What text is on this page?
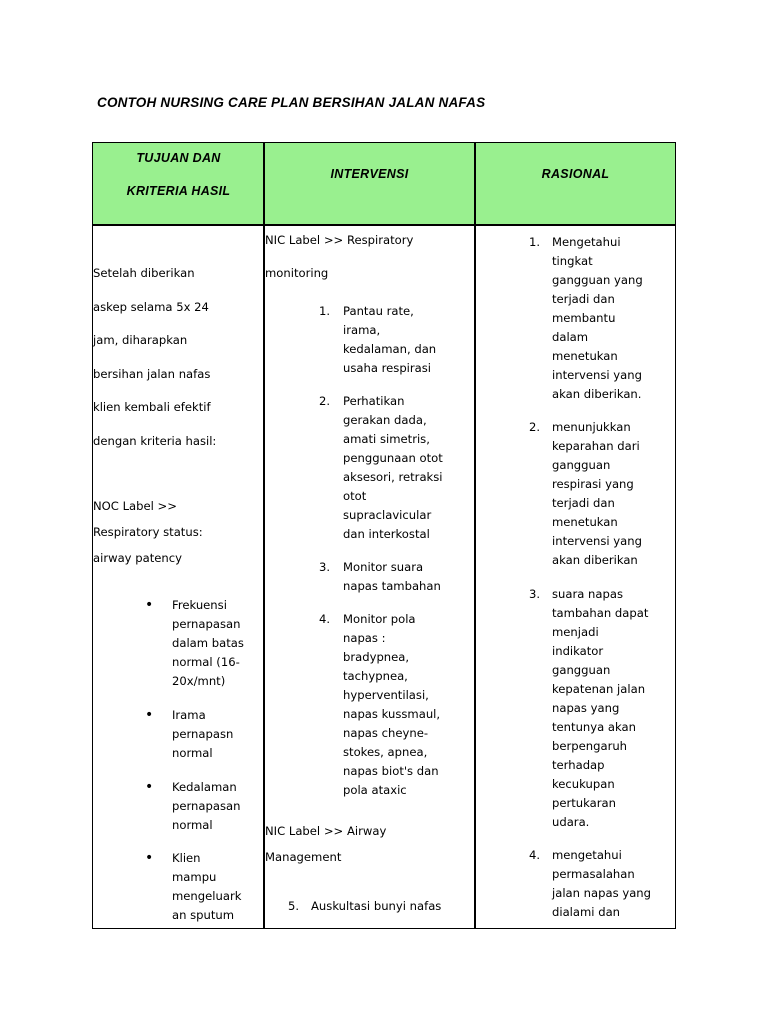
CONTOH NURSING CARE PLAN BERSIHAN JALAN NAFAS
TUJUAN DAN
KRITERIA HASIL
INTERVENSI	RASIONAL
Setelah diberikan
askep selama 5x 24
jam, diharapkan
bersihan jalan nafas
klien kembali efektif
dengan kriteria hasil:
NOC Label >>
Respiratory status:
airway patency
• Frekuensi
pernapasan
dalam batas
normal (16-
20x/mnt)
• Irama
pernapasn
normal
• Kedalaman
pernapasan
normal
• Klien
mampu
mengeluark
an sputum
NIC Label >> Respiratory
monitoring
1. Pantau rate,
irama,
kedalaman, dan
usaha respirasi
2. Perhatikan
gerakan dada,
amati simetris,
penggunaan otot
aksesori, retraksi
otot
supraclavicular
dan interkostal
3. Monitor suara
napas tambahan
4. Monitor pola
napas :
bradypnea,
tachypnea,
hyperventilasi,
napas kussmaul,
napas cheyne-
stokes, apnea,
napas biot's dan
pola ataxic
NIC Label >> Airway
Management
5. Auskultasi bunyi nafas
1. Mengetahui
tingkat
gangguan yang
terjadi dan
membantu
dalam
menetukan
intervensi yang
akan diberikan.
2. menunjukkan
keparahan dari
gangguan
respirasi yang
terjadi dan
menetukan
intervensi yang
akan diberikan
3. suara napas
tambahan dapat
menjadi
indikator
gangguan
kepatenan jalan
napas yang
tentunya akan
berpengaruh
terhadap
kecukupan
pertukaran
udara.
4. mengetahui
permasalahan
jalan napas yang
dialami dan
